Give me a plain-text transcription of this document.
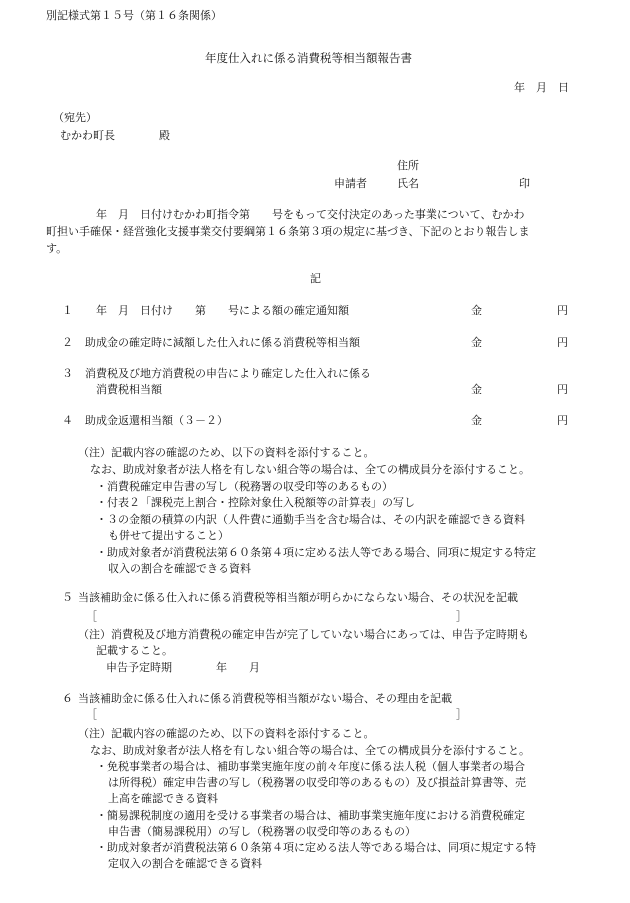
別記様式第１５号（第１６条関係）
年度仕入れに係る消費税等相当額報告書
年　月　日
（宛先）
むかわ町長　　　　殿
住所
申請者	氏名	印
年　月　日付けむかわ町指令第　　号をもって交付決定のあった事業について、むかわ
町担い手確保・経営強化支援事業交付要綱第１６条第３項の規定に基づき、下記のとおり報告しま
す。
記
１ 年　月　日付け　　第　　号による額の確定通知額	金	円
２ 助成金の確定時に減額した仕入れに係る消費税等相当額	金	円
３ 消費税及び地方消費税の申告により確定した仕入れに係る
消費税相当額	金	円
４ 助成金返還相当額（３－２）	金	円
（注）記載内容の確認のため、以下の資料を添付すること。
なお、助成対象者が法人格を有しない組合等の場合は、全ての構成員分を添付すること。
・消費税確定申告書の写し（税務署の収受印等のあるもの）
・付表２「課税売上割合・控除対象仕入税額等の計算表」の写し
・３の金額の積算の内訳（人件費に通勤手当を含む場合は、その内訳を確認できる資料
も併せて提出すること）
・助成対象者が消費税法第６０条第４項に定める法人等である場合、同項に規定する特定
収入の割合を確認できる資料
５ 当該補助金に係る仕入れに係る消費税等相当額が明らかにならない場合、その状況を記載
［	］
（注）消費税及び地方消費税の確定申告が完了していない場合にあっては、申告予定時期も
記載すること。
申告予定時期　　　　年　　月
６ 当該補助金に係る仕入れに係る消費税等相当額がない場合、その理由を記載
［	］
（注）記載内容の確認のため、以下の資料を添付すること。
なお、助成対象者が法人格を有しない組合等の場合は、全ての構成員分を添付すること。
・免税事業者の場合は、補助事業実施年度の前々年度に係る法人税（個人事業者の場合
は所得税）確定申告書の写し（税務署の収受印等のあるもの）及び損益計算書等、売
上高を確認できる資料
・簡易課税制度の適用を受ける事業者の場合は、補助事業実施年度における消費税確定
申告書（簡易課税用）の写し（税務署の収受印等のあるもの）
・助成対象者が消費税法第６０条第４項に定める法人等である場合は、同項に規定する特
定収入の割合を確認できる資料
